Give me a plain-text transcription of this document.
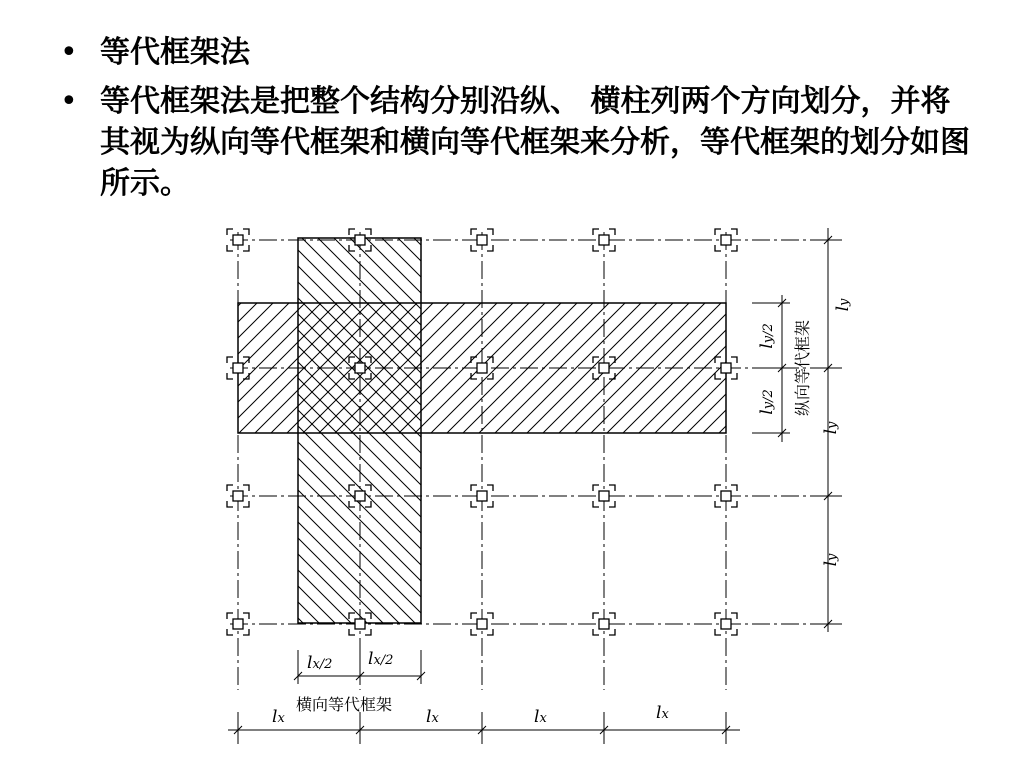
• 等代框架法
• 等代框架法是把整个结构分别沿纵、 横柱列两个方向划分，并将其视为纵向等代框架和横向等代框架来分析，等代框架的划分如图所示。
lx/2 lx/2
横向等代框架
lx	lx	lx	lx
ly/2
ly/2 纵向等代框架
ly
ly
ly
